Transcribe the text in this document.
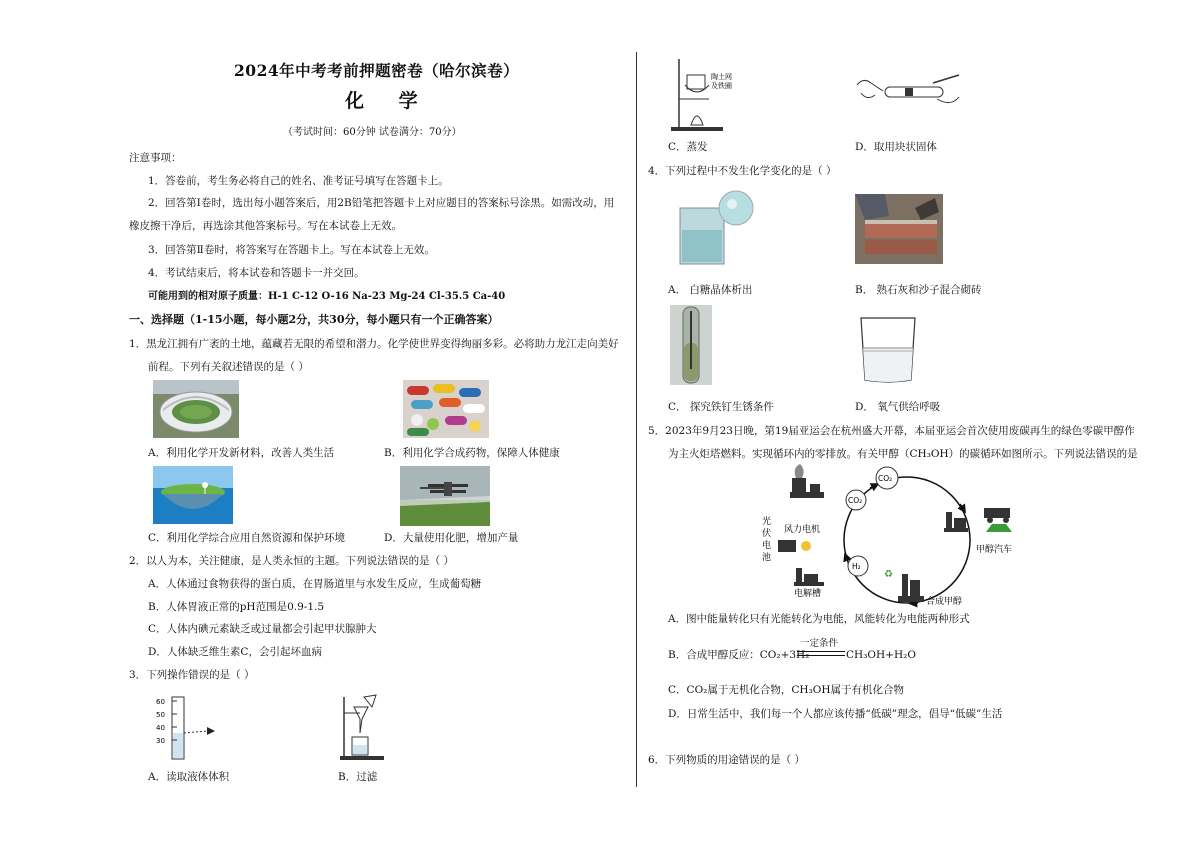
2024年中考考前押题密卷（哈尔滨卷）
化 学
（考试时间：60分钟 试卷满分：70分）
注意事项：
1．答卷前，考生务必将自己的姓名、准考证号填写在答题卡上。
2．回答第Ⅰ卷时，选出每小题答案后，用2B铅笔把答题卡上对应题目的答案标号涂黑。如需改动，用
橡皮擦干净后，再选涂其他答案标号。写在本试卷上无效。
3．回答第Ⅱ卷时，将答案写在答题卡上。写在本试卷上无效。
4．考试结束后，将本试卷和答题卡一并交回。
可能用到的相对原子质量：H-1 C-12 O-16 Na-23 Mg-24 Cl-35.5 Ca-40
一、选择题（1-15小题，每小题2分，共30分，每小题只有一个正确答案）
1．黑龙江拥有广袤的土地，蕴藏若无限的希望和潜力。化学使世界变得绚丽多彩。必将助力龙江走向美好
前程。下列有关叙述错误的是（ ）
A．利用化学开发新材料，改善人类生活	B．利用化学合成药物，保障人体健康
C．利用化学综合应用自然资源和保护环境	D．大量使用化肥，增加产量
2．以人为本，关注健康，是人类永恒的主题。下列说法错误的是（ ）
A．人体通过食物获得的蛋白质，在胃肠道里与水发生反应，生成葡萄糖
B．人体胃液正常的pH范围是0.9-1.5
C．人体内碘元素缺乏或过量都会引起甲状腺肿大
D．人体缺乏维生素C，会引起坏血病
3．下列操作错误的是（ ）
60
50
40
30
A．读取液体体积	B．过滤
陶土网
及铁圈
C．蒸发	D．取用块状固体
4．下列过程中不发生化学变化的是（ ）
A． 白糖晶体析出	B． 熟石灰和沙子混合砌砖
C． 探究铁钉生锈条件	D． 氧气供给呼吸
5．2023年9月23日晚，第19届亚运会在杭州盛大开幕，本届亚运会首次使用废碳再生的绿色零碳甲醇作
为主火炬塔燃料。实现循环内的零排放。有关甲醇（CH₃OH）的碳循环如图所示。下列说法错误的是
CO₂
CO₂
H₂
光
伏
电
池
风力电机
电解槽
♻
合成甲醇
甲醇汽车
A．图中能量转化只有光能转化为电能，风能转化为电能两种形式
B．合成甲醇反应：CO₂+3H₂
一定条件
CH₃OH+H₂O
C．CO₂属于无机化合物，CH₃OH属于有机化合物
D．日常生活中，我们每一个人都应该传播“低碳”理念，倡导“低碳”生活
6．下列物质的用途错误的是（ ）
